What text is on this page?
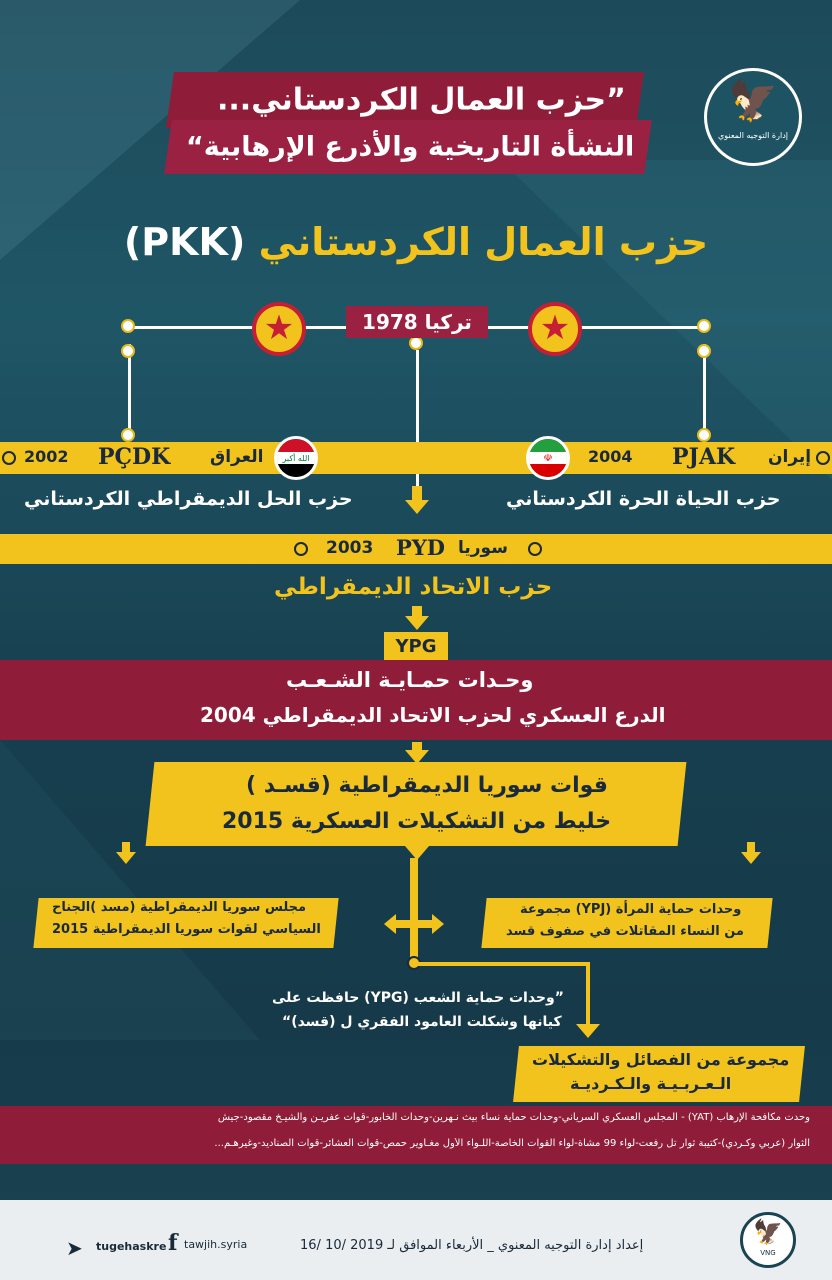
”حزب العمال الكردستاني...
النشأة التاريخية والأذرع الإرهابية“
🦅
إدارة التوجيه المعنوي
حزب العمال الكردستاني (PKK)
★	★
تركيا 1978
2002 PÇDK العراق	الله أكبر	☫	2004 PJAK إيران
حزب الحل الديمقراطي الكردستاني	حزب الحياة الحرة الكردستاني
2003 PYD سوريا
حزب الاتحاد الديمقراطي
YPG
وحـدات حمـايـة الشـعـب
الدرع العسكري لحزب الاتحاد الديمقراطي 2004
قوات سوريا الديمقراطية (قسـد )
خليط من التشكيلات العسكرية 2015
مجلس سوريا الديمقراطية (مسد )الجناح
السياسي لقوات سوريا الديمقراطية 2015
وحدات حماية المرأة (YPJ) مجموعة
من النساء المقاتلات في صفوف قسد
”وحدات حماية الشعب (YPG) حافظت على
كيانها وشكلت العامود الفقري ل (قسد)“
مجموعة من الفصائل والتشكيلات
الـعـربـيـة والـكـرديـة
وحدت مكافحة الإرهاب (YAT) - المجلس العسكري السرياني-وحدات حماية نساء بيث نـهرين-وحدات الخابور-قوات عفريـن والشيـخ مقصود-جيش
الثوار (عربي وكـردي)-كتيبة ثوار تل رفعت-لواء 99 مشاة-لواء القوات الخاصة-اللـواء الأول مغـاوير حمص-قوات العشائر-قوات الصناديد-وغيرهـم...
➤ tugehaskre f tawjih.syria	إعداد إدارة التوجيه المعنوي _ الأربعاء الموافق لـ 2019 /10 /16	🦅
VNG
